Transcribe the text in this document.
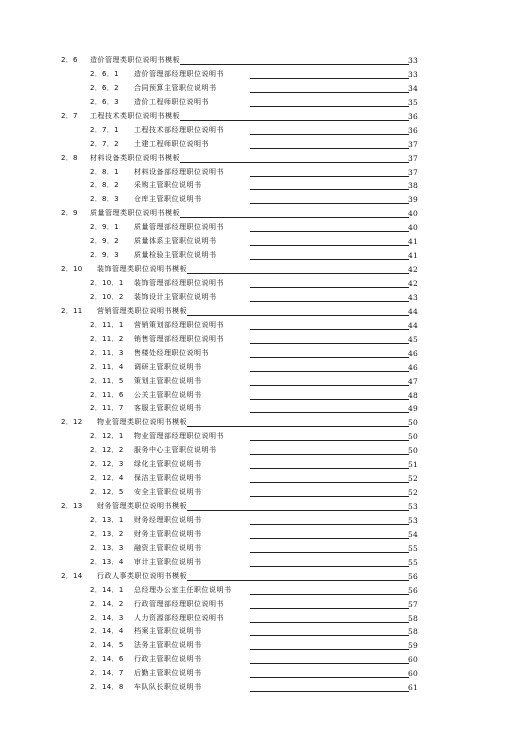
2．6 造价管理类职位说明书模板	33
2．6．1 造价管理部经理职位说明书	33
2．6．2 合同预算主管职位说明书	34
2．6．3 造价工程师职位说明书	35
2．7 工程技术类职位说明书模板	36
2．7．1 工程技术部经理职位说明书	36
2．7．2 土建工程师职位说明书	37
2．8 材料设备类职位说明书模板	37
2．8．1 材料设备部经理职位说明书	37
2．8．2 采购主管职位说明书	38
2．8．3 仓库主管职位说明书	39
2．9 质量管理类职位说明书模板	40
2．9．1 质量管理部经理职位说明书	40
2．9．2 质量体系主管职位说明书	41
2．9．3 质量检验主管职位说明书	41
2．10 装饰管理类职位说明书模板	42
2．10．1 装饰管理部经理职位说明书	42
2．10．2 装饰设计主管职位说明书	43
2．11 营销管理类职位说明书模板	44
2．11．1 营销策划部经理职位说明书	44
2．11．2 销售管理部经理职位说明书	45
2．11．3 售楼处经理职位说明书	46
2．11．4 调研主管职位说明书	46
2．11．5 策划主管职位说明书	47
2．11．6 公关主管职位说明书	48
2．11．7 客服主管职位说明书	49
2．12 物业管理类职位说明书模板	50
2．12．1 物业管理部经理职位说明书	50
2．12．2 服务中心主管职位说明书	50
2．12．3 绿化主管职位说明书	51
2．12．4 保洁主管职位说明书	52
2．12．5 安全主管职位说明书	52
2．13 财务管理类职位说明书模板	53
2．13．1 财务经理职位说明书	53
2．13．2 财务主管职位说明书	54
2．13．3 融资主管职位说明书	55
2．13．4 审计主管职位说明书	55
2．14 行政人事类职位说明书模板	56
2．14．1 总经理办公室主任职位说明书	56
2．14．2 行政管理部经理职位说明书	57
2．14．3 人力资源部经理职位说明书	58
2．14．4 档案主管职位说明书	58
2．14．5 法务主管职位说明书	59
2．14．6 行政主管职位说明书	60
2．14．7 后勤主管职位说明书	60
2．14．8 车队队长职位说明书	61
